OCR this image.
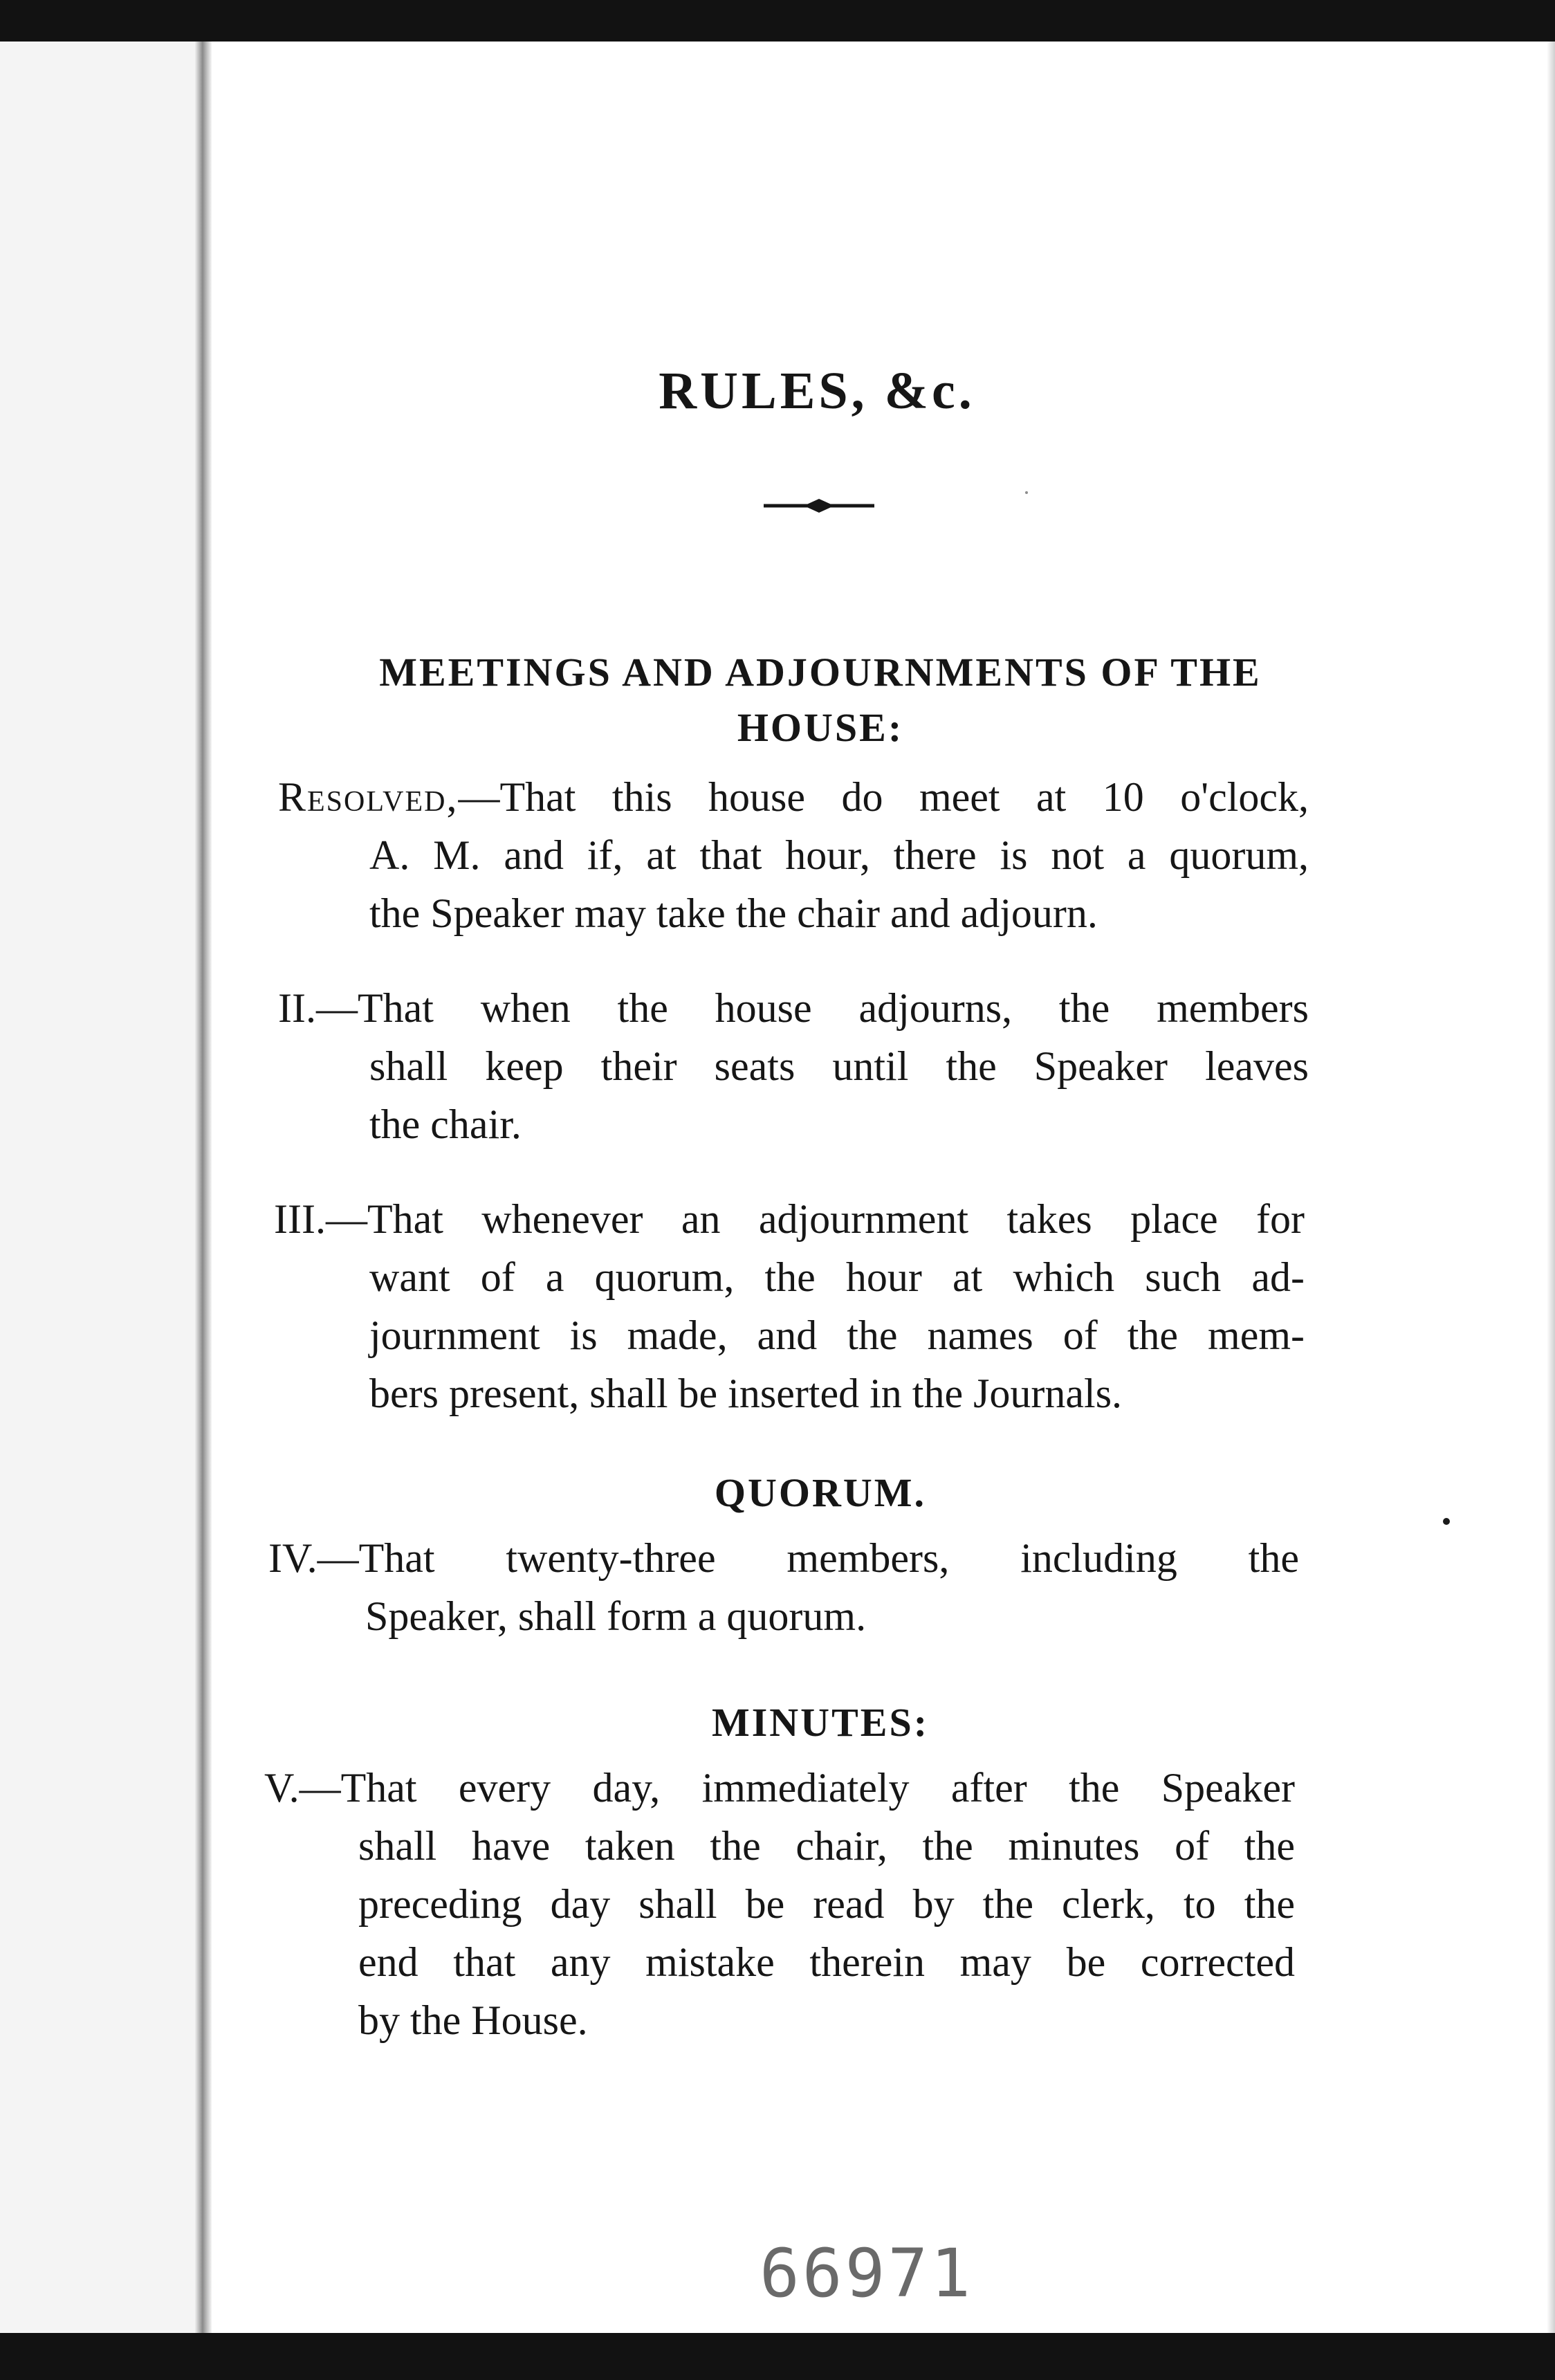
RULES, &c.
MEETINGS AND ADJOURNMENTS OF THE
HOUSE:
Resolved,—That this house do meet at 10 o'clock,
A. M. and if, at that hour, there is not a quorum,
the Speaker may take the chair and adjourn.
II.—That when the house adjourns, the members
shall keep their seats until the Speaker leaves
the chair.
III.—That whenever an adjournment takes place for
want of a quorum, the hour at which such ad-
journment is made, and the names of the mem-
bers present, shall be inserted in the Journals.
QUORUM.
IV.—That twenty-three members, including the
Speaker, shall form a quorum.
MINUTES:
V.—That every day, immediately after the Speaker
shall have taken the chair, the minutes of the
preceding day shall be read by the clerk, to the
end that any mistake therein may be corrected
by the House.
66971
